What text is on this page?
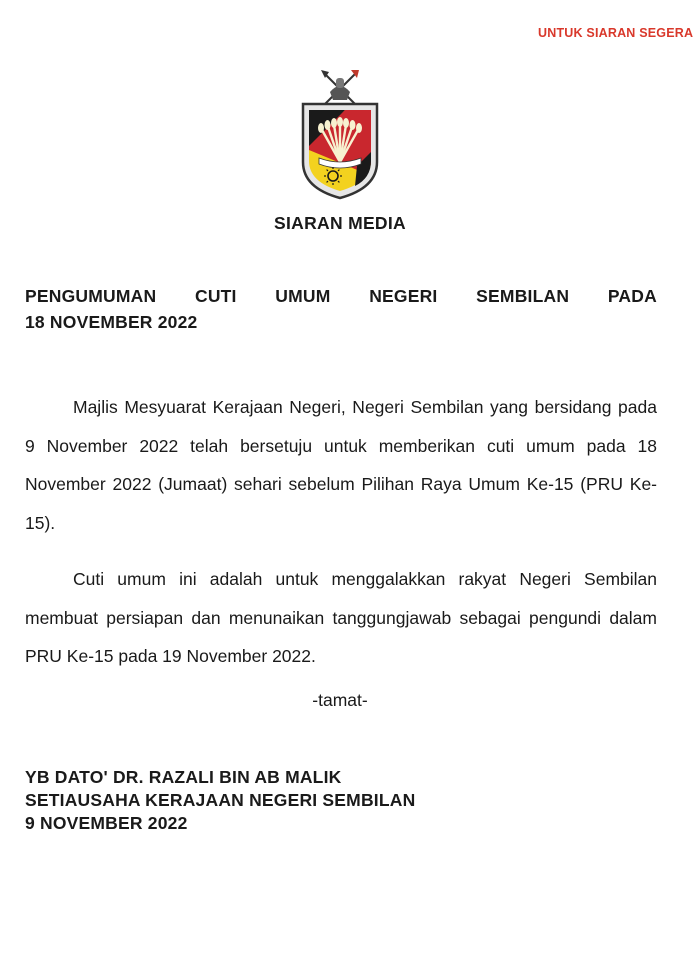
UNTUK SIARAN SEGERA
SIARAN MEDIA
PENGUMUMAN CUTI UMUM NEGERI SEMBILAN PADA
18 NOVEMBER 2022

Majlis Mesyuarat Kerajaan Negeri, Negeri Sembilan yang bersidang pada 9 November 2022 telah bersetuju untuk memberikan cuti umum pada 18 November 2022 (Jumaat) sehari sebelum Pilihan Raya Umum Ke-15 (PRU Ke-15).

Cuti umum ini adalah untuk menggalakkan rakyat Negeri Sembilan membuat persiapan dan menunaikan tanggungjawab sebagai pengundi dalam PRU Ke-15 pada 19 November 2022.

-tamat-
YB DATO' DR. RAZALI BIN AB MALIK
SETIAUSAHA KERAJAAN NEGERI SEMBILAN
9 NOVEMBER 2022
